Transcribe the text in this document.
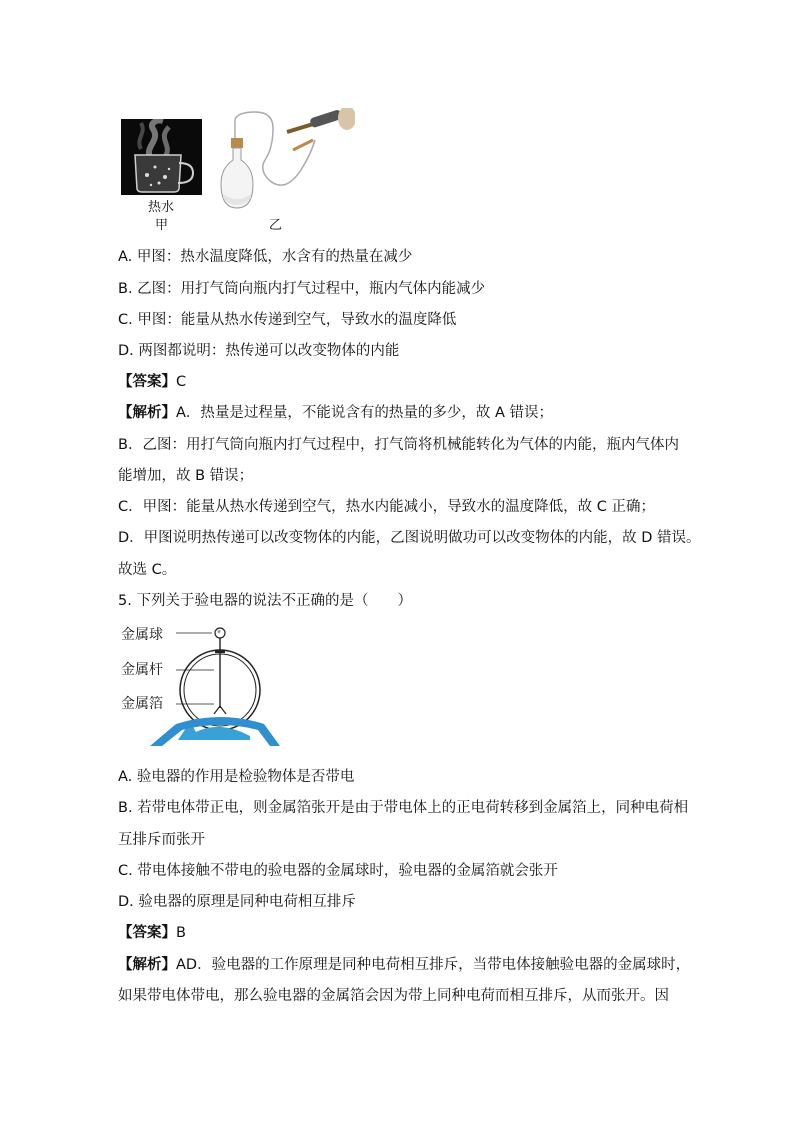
热水
甲	乙
A. 甲图：热水温度降低，水含有的热量在减少
B. 乙图：用打气筒向瓶内打气过程中，瓶内气体内能减少
C. 甲图：能量从热水传递到空气，导致水的温度降低
D. 两图都说明：热传递可以改变物体的内能
【答案】C
【解析】A．热量是过程量，不能说含有的热量的多少，故 A 错误；
B．乙图：用打气筒向瓶内打气过程中，打气筒将机械能转化为气体的内能，瓶内气体内
能增加，故 B 错误；
C．甲图：能量从热水传递到空气，热水内能减小，导致水的温度降低，故 C 正确；
D．甲图说明热传递可以改变物体的内能，乙图说明做功可以改变物体的内能，故 D 错误。
故选 C。
5. 下列关于验电器的说法不正确的是（　　）
金属球
金属杆
金属箔
A. 验电器的作用是检验物体是否带电
B. 若带电体带正电，则金属箔张开是由于带电体上的正电荷转移到金属箔上，同种电荷相
互排斥而张开
C. 带电体接触不带电的验电器的金属球时，验电器的金属箔就会张开
D. 验电器的原理是同种电荷相互排斥
【答案】B
【解析】AD．验电器的工作原理是同种电荷相互排斥，当带电体接触验电器的金属球时，
如果带电体带电，那么验电器的金属箔会因为带上同种电荷而相互排斥，从而张开。因
